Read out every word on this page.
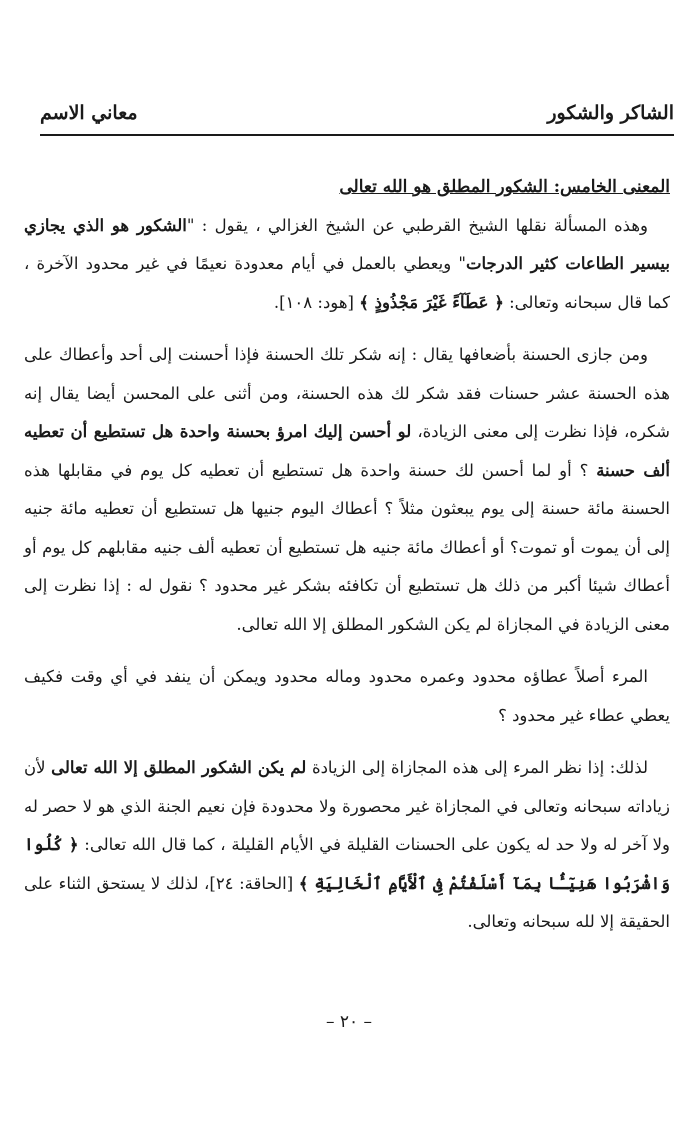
الشاكر والشكور
معاني الاسم

المعنى الخامس: الشكور المطلق هو الله تعالى

وهذه المسألة نقلها الشيخ القرطبي عن الشيخ الغزالي ، يقول : "الشكور هو الذي يجازي بيسير الطاعات كثير الدرجات" ويعطي بالعمل في أيام معدودة نعيمًا في غير محدود الآخرة ، كما قال سبحانه وتعالى: ﴿ عَطَآءً غَيْرَ مَجْذُوذٍ ﴾ [هود: ١٠٨].

ومن جازى الحسنة بأضعافها يقال : إنه شكر تلك الحسنة فإذا أحسنت إلى أحد وأعطاك على هذه الحسنة عشر حسنات فقد شكر لك هذه الحسنة، ومن أثنى على المحسن أيضا يقال إنه شكره، فإذا نظرت إلى معنى الزيادة، لو أحسن إليك امرؤ بحسنة واحدة هل تستطيع أن تعطيه ألف حسنة ؟ أو لما أحسن لك حسنة واحدة هل تستطيع أن تعطيه كل يوم في مقابلها هذه الحسنة مائة حسنة إلى يوم يبعثون مثلاً ؟ أعطاك اليوم جنيها هل تستطيع أن تعطيه مائة جنيه إلى أن يموت أو تموت؟ أو أعطاك مائة جنيه هل تستطيع أن تعطيه ألف جنيه مقابلهم كل يوم أو أعطاك شيئا أكبر من ذلك هل تستطيع أن تكافئه بشكر غير محدود ؟ نقول له : إذا نظرت إلى معنى الزيادة في المجازاة لم يكن الشكور المطلق إلا الله تعالى.

المرء أصلاً عطاؤه محدود وعمره محدود وماله محدود ويمكن أن ينفد في أي وقت فكيف يعطي عطاء غير محدود ؟

لذلك: إذا نظر المرء إلى هذه المجازاة إلى الزيادة لم يكن الشكور المطلق إلا الله تعالى لأن زياداته سبحانه وتعالى في المجازاة غير محصورة ولا محدودة فإن نعيم الجنة الذي هو لا حصر له ولا آخر له ولا حد له يكون على الحسنات القليلة في الأيام القليلة ، كما قال الله تعالى: ﴿ كُلُوا وَاشْرَبُوا هَنِيٓـَٔۢا بِمَآ أَسْلَفْتُمْ فِى ٱلْأَيَّامِ ٱلْخَالِيَةِ ﴾ [الحاقة: ٢٤]، لذلك لا يستحق الثناء على الحقيقة إلا لله سبحانه وتعالى.

– ٢٠ –
